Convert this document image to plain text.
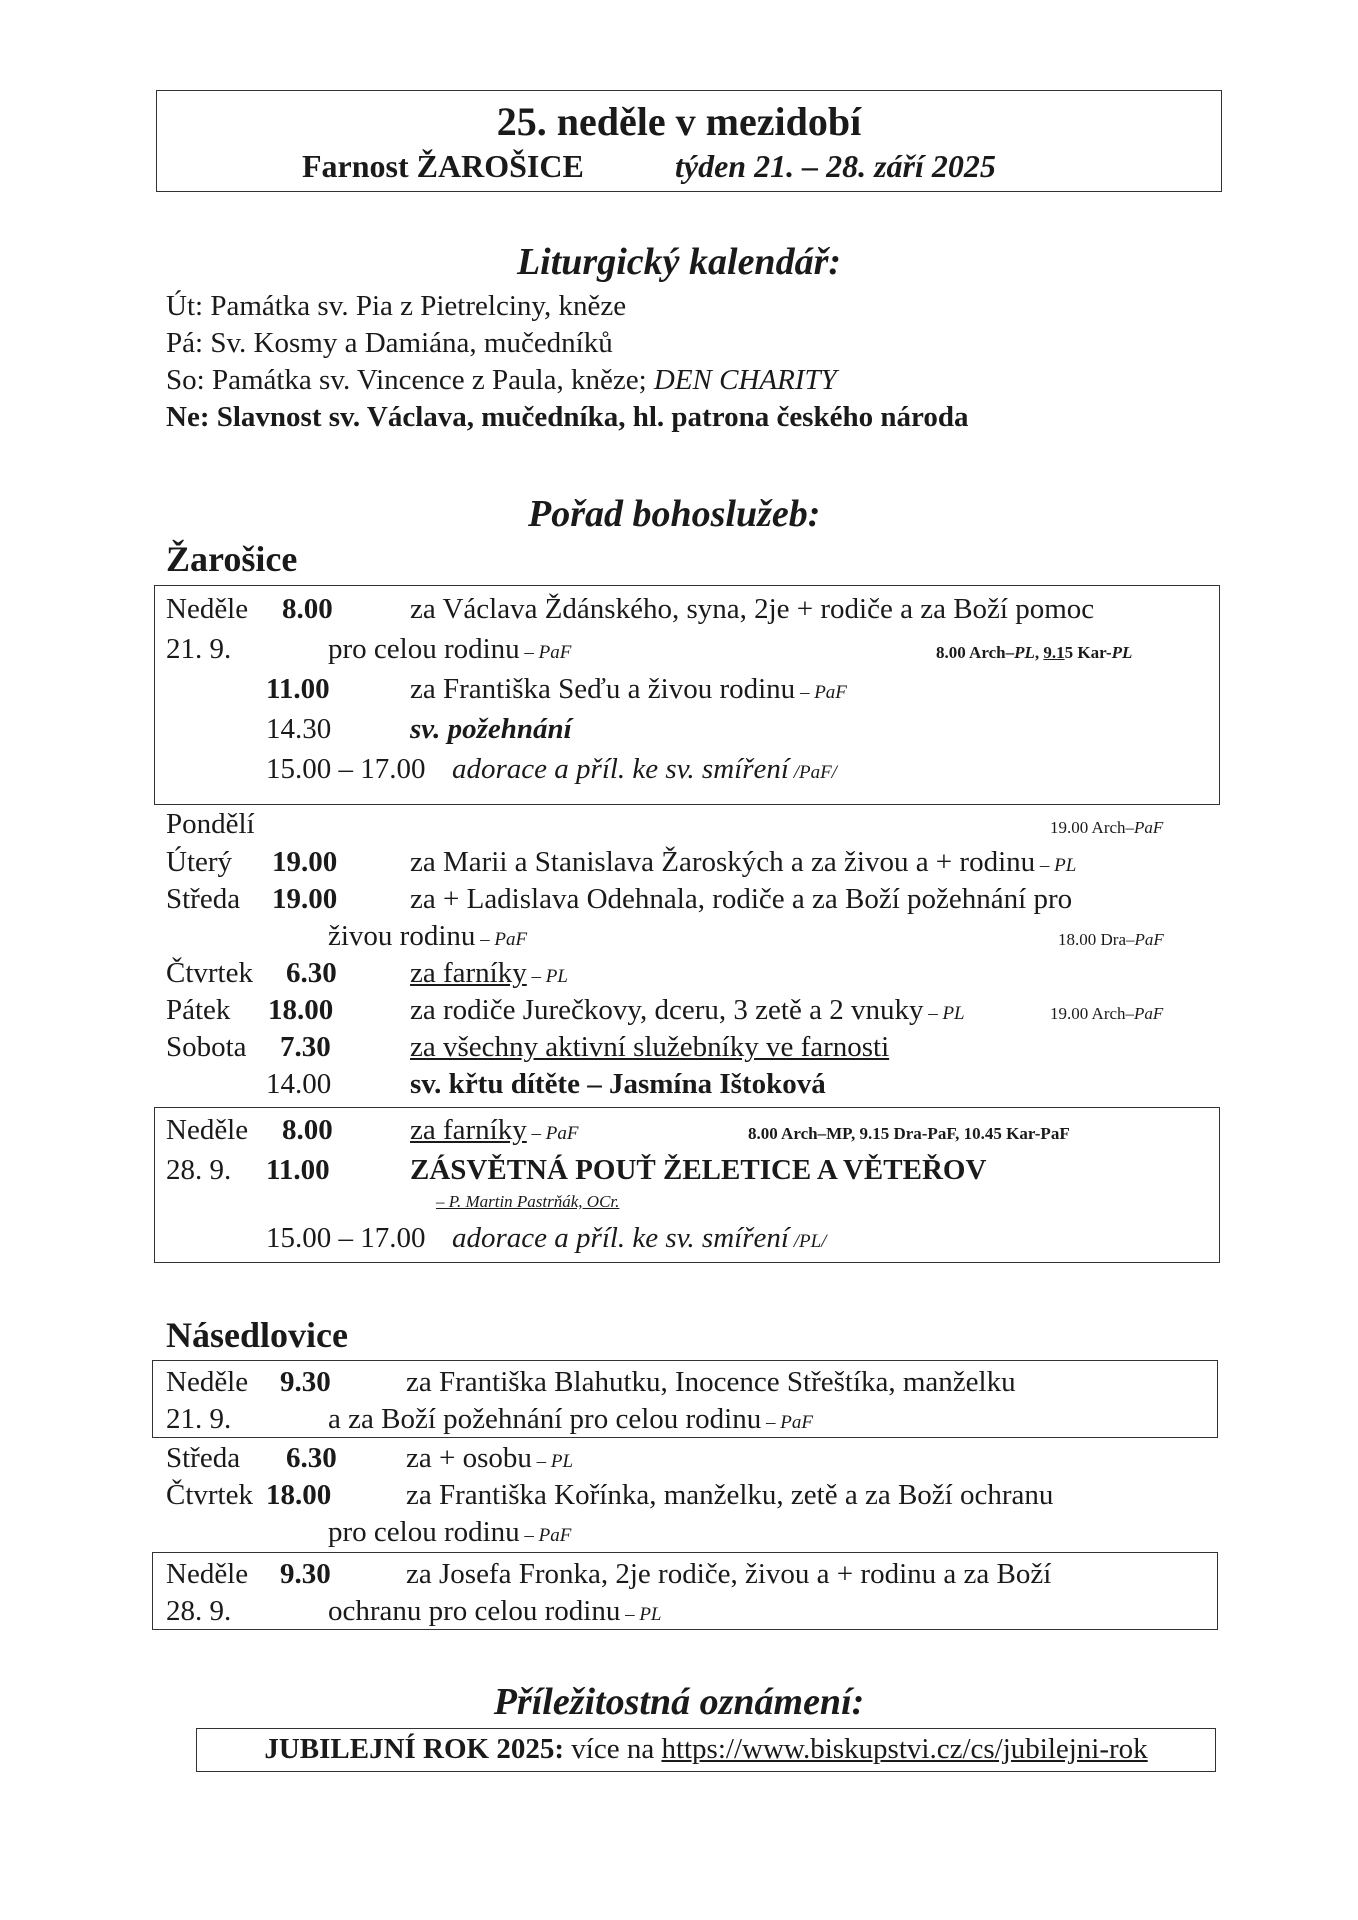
25. neděle v mezidobí
Farnost ŽAROŠICE	týden 21. – 28. září 2025
Liturgický kalendář:
Út: Památka sv. Pia z Pietrelciny, kněze
Pá: Sv. Kosmy a Damiána, mučedníků
So: Památka sv. Vincence z Paula, kněze; DEN CHARITY
Ne: Slavnost sv. Václava, mučedníka, hl. patrona českého národa
Pořad bohoslužeb:
Žarošice
Neděle 8.00	za Václava Ždánského, syna, 2je + rodiče a za Boží pomoc
21. 9.	pro celou rodinu – PaF	8.00 Arch–PL, 9.15 Kar-PL
11.00	za Františka Seďu a živou rodinu – PaF
14.30	sv. požehnání
15.00 – 17.00 adorace a příl. ke sv. smíření /PaF/
Pondělí	19.00 Arch–PaF
Úterý 19.00	za Marii a Stanislava Žaroských a za živou a + rodinu – PL
Středa 19.00	za + Ladislava Odehnala, rodiče a za Boží požehnání pro
živou rodinu – PaF	18.00 Dra–PaF
Čtvrtek 6.30	za farníky – PL
Pátek 18.00	za rodiče Jurečkovy, dceru, 3 zetě a 2 vnuky – PL	19.00 Arch–PaF
Sobota 7.30	za všechny aktivní služebníky ve farnosti
14.00	sv. křtu dítěte – Jasmína Ištoková
Neděle 8.00	za farníky – PaF	8.00 Arch–MP, 9.15 Dra-PaF, 10.45 Kar-PaF
28. 9. 11.00	ZÁSVĚTNÁ POUŤ ŽELETICE A VĚTEŘOV
– P. Martin Pastrňák, OCr.
15.00 – 17.00 adorace a příl. ke sv. smíření /PL/
Násedlovice
Neděle 9.30	za Františka Blahutku, Inocence Střeštíka, manželku
21. 9.	a za Boží požehnání pro celou rodinu – PaF
Středa 6.30 za + osobu – PL
Čtvrtek 18.00	za Františka Kořínka, manželku, zetě a za Boží ochranu
pro celou rodinu – PaF
Neděle 9.30	za Josefa Fronka, 2je rodiče, živou a + rodinu a za Boží
28. 9.	ochranu pro celou rodinu – PL
Příležitostná oznámení:
JUBILEJNÍ ROK 2025: více na https://www.biskupstvi.cz/cs/jubilejni-rok
